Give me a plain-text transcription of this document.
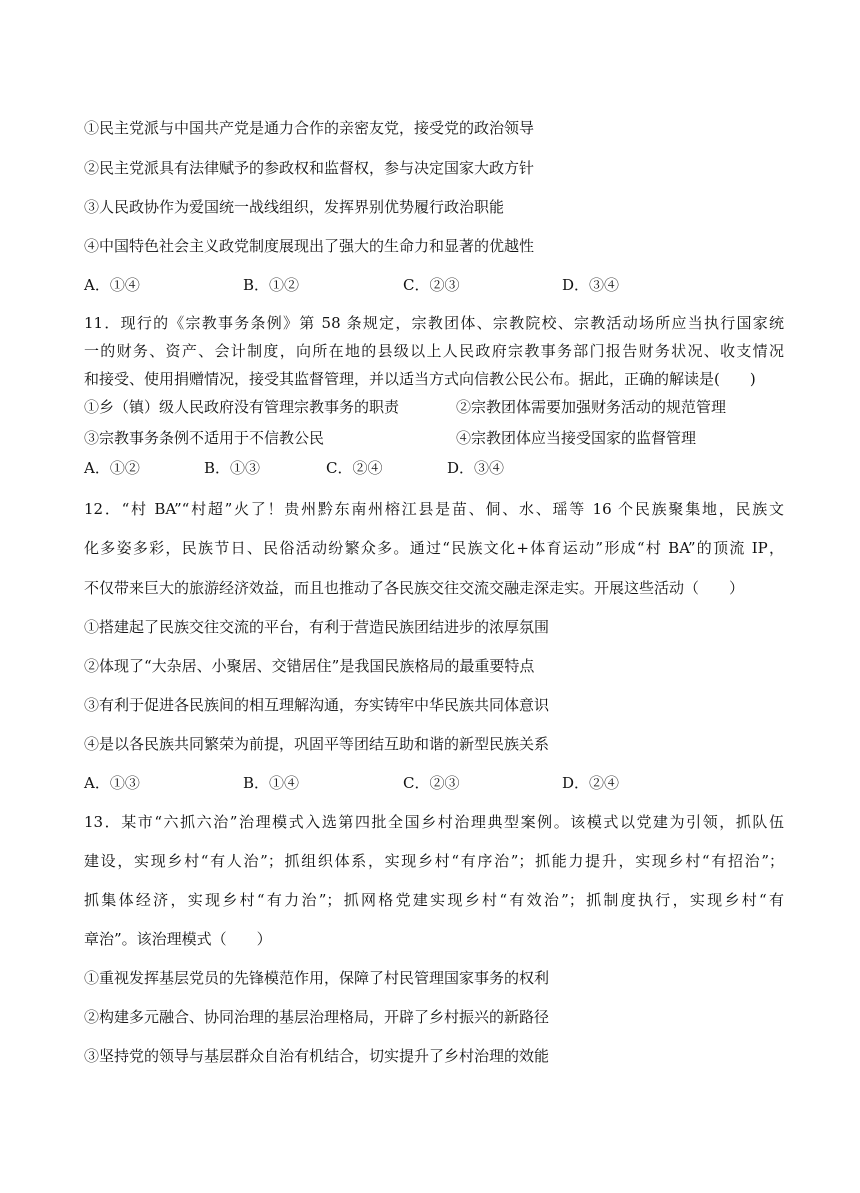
①民主党派与中国共产党是通力合作的亲密友党，接受党的政治领导
②民主党派具有法律赋予的参政权和监督权，参与决定国家大政方针
③人民政协作为爱国统一战线组织，发挥界别优势履行政治职能
④中国特色社会主义政党制度展现出了强大的生命力和显著的优越性
A．①④	B．①②	C．②③	D．③④
11．现行的《宗教事务条例》第 58 条规定，宗教团体、宗教院校、宗教活动场所应当执行国家统
一的财务、资产、会计制度，向所在地的县级以上人民政府宗教事务部门报告财务状况、收支情况
和接受、使用捐赠情况，接受其监督管理，并以适当方式向信教公民公布。据此，正确的解读是(　　)
①乡（镇）级人民政府没有管理宗教事务的职责	②宗教团体需要加强财务活动的规范管理
③宗教事务条例不适用于不信教公民	④宗教团体应当接受国家的监督管理
A．①②	B．①③	C．②④	D．③④
12．“村 BA”“村超”火了！贵州黔东南州榕江县是苗、侗、水、瑶等 16 个民族聚集地，民族文
化多姿多彩，民族节日、民俗活动纷繁众多。通过“民族文化+体育运动”形成“村 BA”的顶流 IP，
不仅带来巨大的旅游经济效益，而且也推动了各民族交往交流交融走深走实。开展这些活动（　　）
①搭建起了民族交往交流的平台，有利于营造民族团结进步的浓厚氛围
②体现了“大杂居、小聚居、交错居住”是我国民族格局的最重要特点
③有利于促进各民族间的相互理解沟通，夯实铸牢中华民族共同体意识
④是以各民族共同繁荣为前提，巩固平等团结互助和谐的新型民族关系
A．①③	B．①④	C．②③	D．②④
13．某市“六抓六治”治理模式入选第四批全国乡村治理典型案例。该模式以党建为引领，抓队伍
建设，实现乡村“有人治”；抓组织体系，实现乡村“有序治”；抓能力提升，实现乡村“有招治”；
抓集体经济，实现乡村“有力治”；抓网格党建实现乡村“有效治”；抓制度执行，实现乡村“有
章治”。该治理模式（　　）
①重视发挥基层党员的先锋模范作用，保障了村民管理国家事务的权利
②构建多元融合、协同治理的基层治理格局，开辟了乡村振兴的新路径
③坚持党的领导与基层群众自治有机结合，切实提升了乡村治理的效能
